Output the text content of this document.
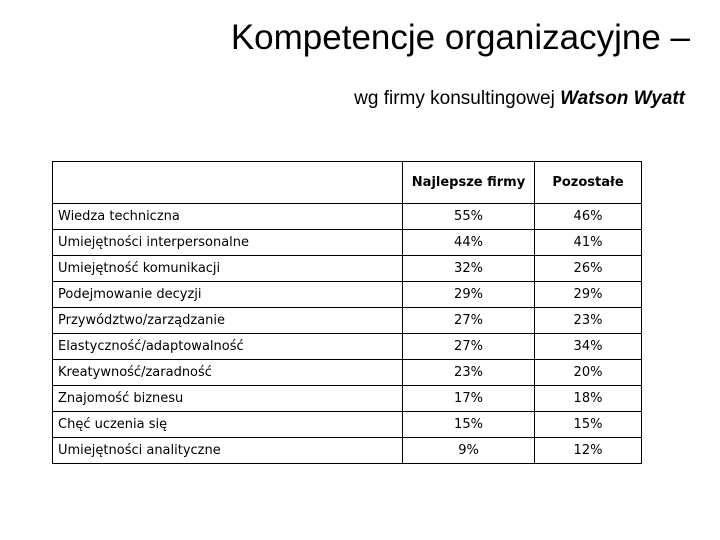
Kompetencje organizacyjne –
wg firmy konsultingowej Watson Wyatt
	Najlepsze firmy	Pozostałe
Wiedza techniczna	55%	46%
Umiejętności interpersonalne	44%	41%
Umiejętność komunikacji	32%	26%
Podejmowanie decyzji	29%	29%
Przywództwo/zarządzanie	27%	23%
Elastyczność/adaptowalność	27%	34%
Kreatywność/zaradność	23%	20%
Znajomość biznesu	17%	18%
Chęć uczenia się	15%	15%
Umiejętności analityczne	9%	12%
